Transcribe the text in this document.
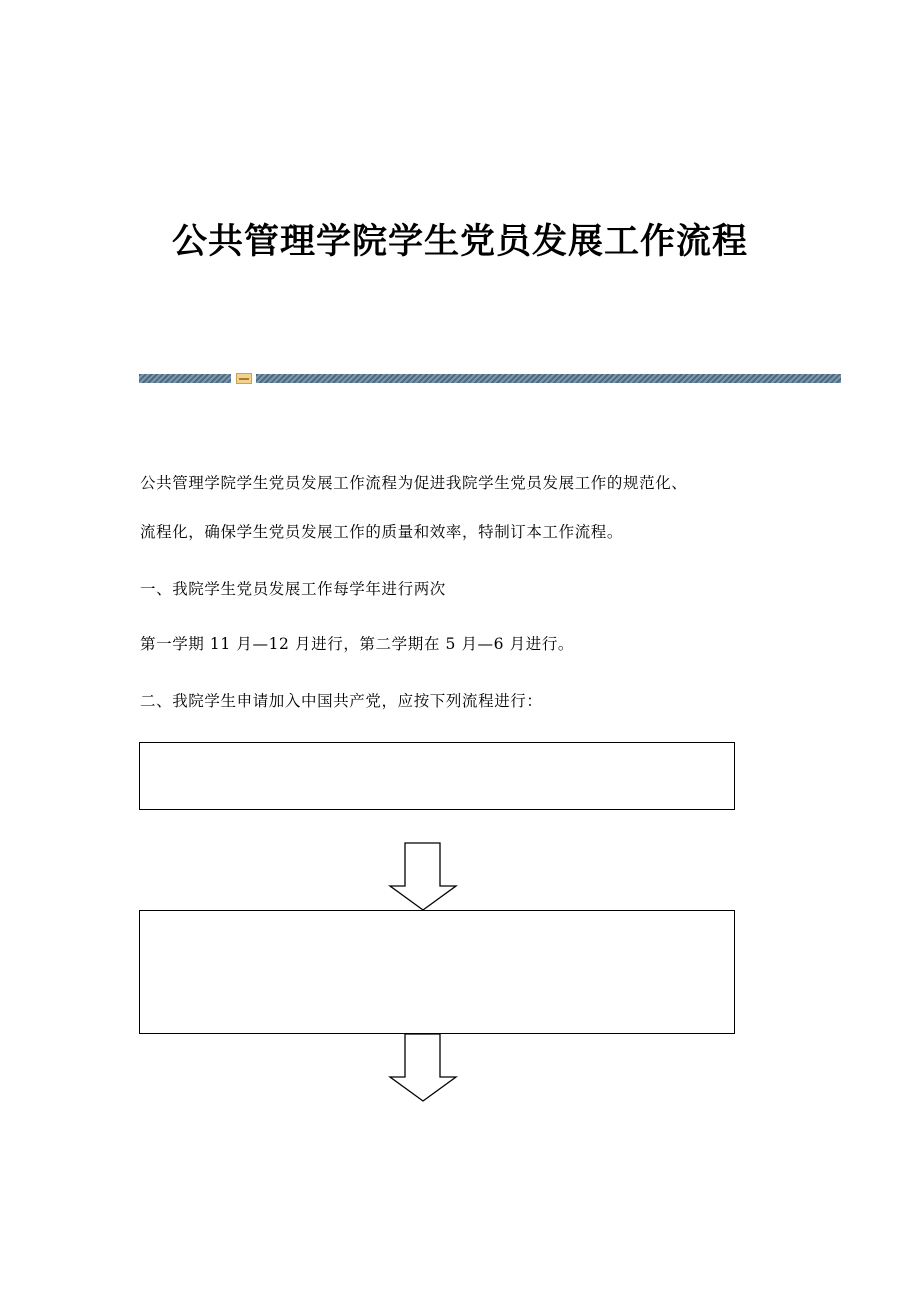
公共管理学院学生党员发展工作流程
公共管理学院学生党员发展工作流程为促进我院学生党员发展工作的规范化、
流程化，确保学生党员发展工作的质量和效率，特制订本工作流程。
一、我院学生党员发展工作每学年进行两次
第一学期 11 月—12 月进行，第二学期在 5 月—6 月进行。
二、我院学生申请加入中国共产党，应按下列流程进行：
